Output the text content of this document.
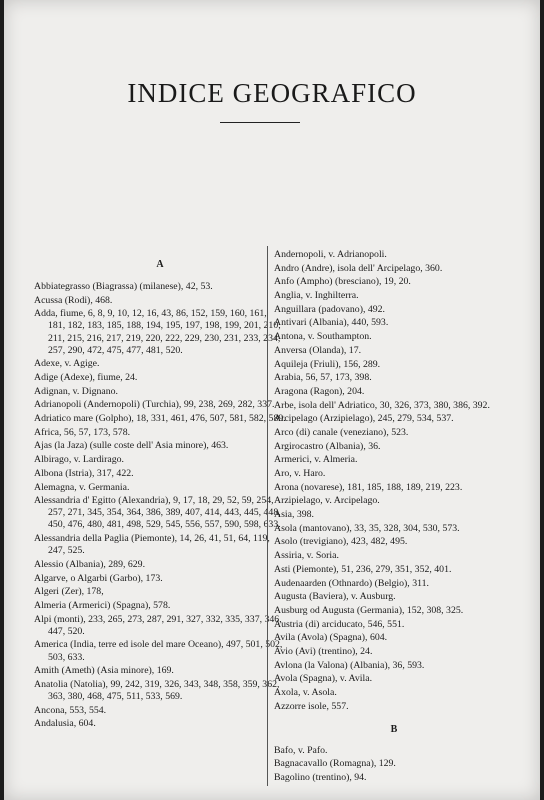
INDICE GEOGRAFICO
A
Abbiategrasso (Biagrassa) (milanese), 42, 53.
Acussa (Rodi), 468.
Adda, fiume, 6, 8, 9, 10, 12, 16, 43, 86, 152, 159, 160, 161, 181, 182, 183, 185, 188, 194, 195, 197, 198, 199, 201, 210, 211, 215, 216, 217, 219, 220, 222, 229, 230, 231, 233, 234, 257, 290, 472, 475, 477, 481, 520.
Adexe, v. Agige.
Adige (Adexe), fiume, 24.
Adignan, v. Dignano.
Adrianopoli (Andernopoli) (Turchia), 99, 238, 269, 282, 337.
Adriatico mare (Golpho), 18, 331, 461, 476, 507, 581, 582, 589.
Africa, 56, 57, 173, 578.
Ajas (la Jaza) (sulle coste dell' Asia minore), 463.
Albirago, v. Lardirago.
Albona (Istria), 317, 422.
Alemagna, v. Germania.
Alessandria d' Egitto (Alexandria), 9, 17, 18, 29, 52, 59, 254, 257, 271, 345, 354, 364, 386, 389, 407, 414, 443, 445, 448, 450, 476, 480, 481, 498, 529, 545, 556, 557, 590, 598, 633.
Alessandria della Paglia (Piemonte), 14, 26, 41, 51, 64, 119, 247, 525.
Alessio (Albania), 289, 629.
Algarve, o Algarbi (Garbo), 173.
Algeri (Zer), 178,
Almeria (Armerici) (Spagna), 578.
Alpi (monti), 233, 265, 273, 287, 291, 327, 332, 335, 337, 346, 447, 520.
America (India, terre ed isole del mare Oceano), 497, 501, 502, 503, 633.
Amith (Ameth) (Asia minore), 169.
Anatolia (Natolia), 99, 242, 319, 326, 343, 348, 358, 359, 362, 363, 380, 468, 475, 511, 533, 569.
Ancona, 553, 554.
Andalusia, 604.
Andernopoli, v. Adrianopoli.
Andro (Andre), isola dell' Arcipelago, 360.
Anfo (Ampho) (bresciano), 19, 20.
Anglia, v. Inghilterra.
Anguillara (padovano), 492.
Antivari (Albania), 440, 593.
Antona, v. Southampton.
Anversa (Olanda), 17.
Aquileja (Friuli), 156, 289.
Arabia, 56, 57, 173, 398.
Aragona (Ragon), 204.
Arbe, isola dell' Adriatico, 30, 326, 373, 380, 386, 392.
Arcipelago (Arzipielago), 245, 279, 534, 537.
Arco (di) canale (veneziano), 523.
Argirocastro (Albania), 36.
Armerici, v. Almeria.
Aro, v. Haro.
Arona (novarese), 181, 185, 188, 189, 219, 223.
Arzipielago, v. Arcipelago.
Asia, 398.
Asola (mantovano), 33, 35, 328, 304, 530, 573.
Asolo (trevigiano), 423, 482, 495.
Assiria, v. Soria.
Asti (Piemonte), 51, 236, 279, 351, 352, 401.
Audenaarden (Othnardo) (Belgio), 311.
Augusta (Baviera), v. Ausburg.
Ausburg od Augusta (Germania), 152, 308, 325.
Austria (di) arciducato, 546, 551.
Avila (Avola) (Spagna), 604.
Avio (Avi) (trentino), 24.
Avlona (la Valona) (Albania), 36, 593.
Avola (Spagna), v. Avila.
Axola, v. Asola.
Azzorre isole, 557.
B
Bafo, v. Pafo.
Bagnacavallo (Romagna), 129.
Bagolino (trentino), 94.
